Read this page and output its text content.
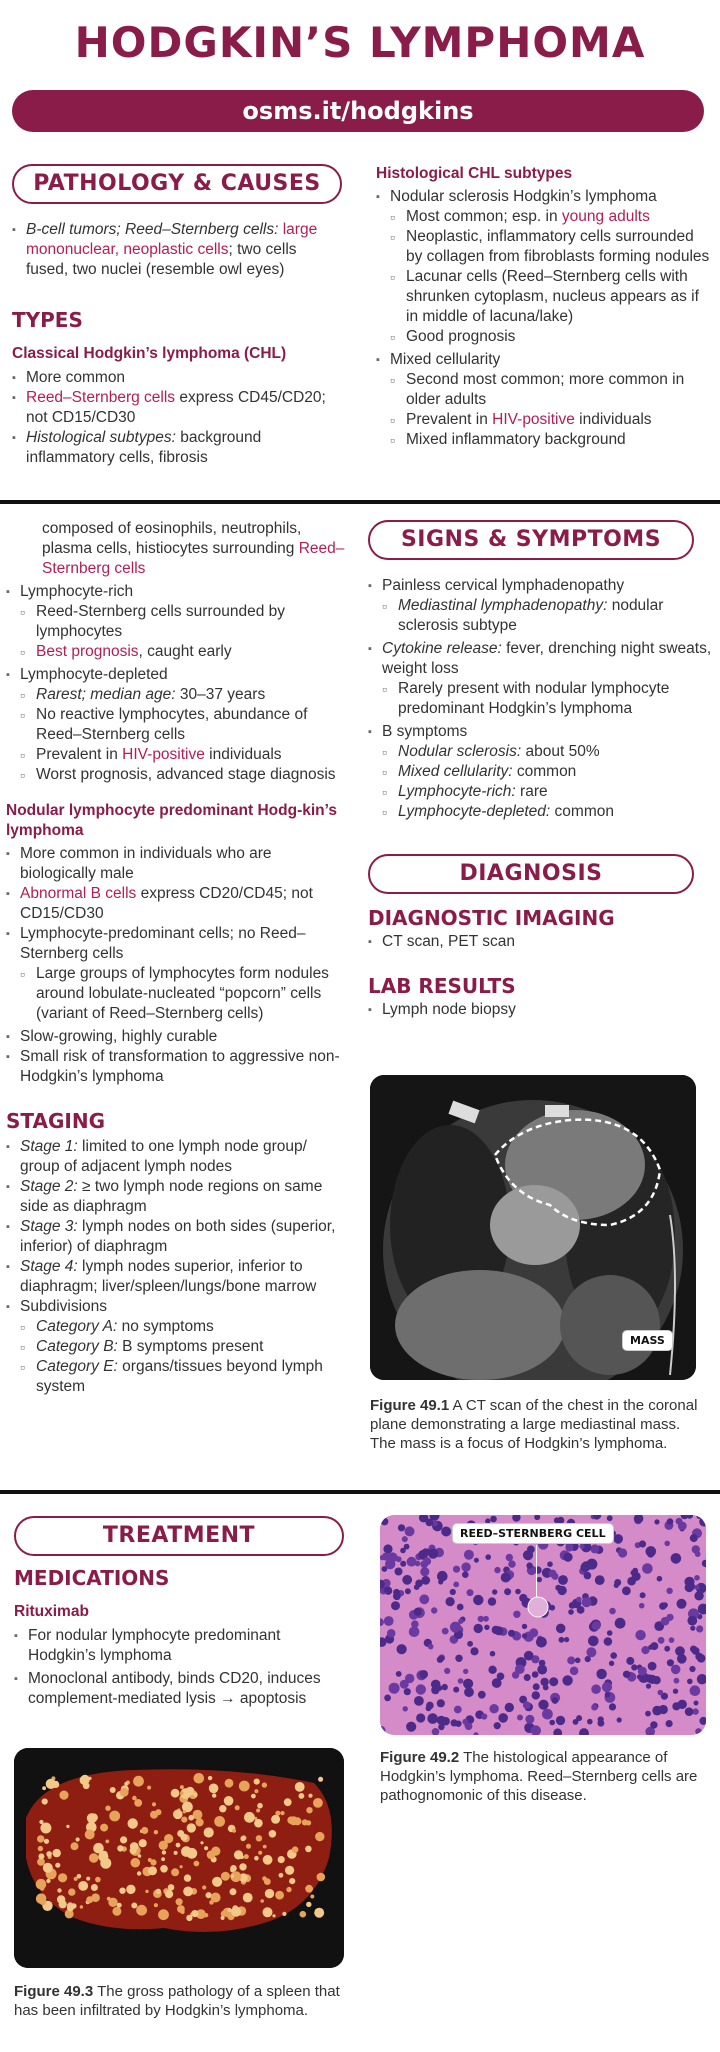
HODGKIN’S LYMPHOMA
osms.it/hodgkins
PATHOLOGY & CAUSES
▪ B-cell tumors; Reed–Sternberg cells: large mononuclear, neoplastic cells; two cells fused, two nuclei (resemble owl eyes)
TYPES
Classical Hodgkin’s lymphoma (CHL)
▪ More common
▪ Reed–Sternberg cells express CD45/CD20; not CD15/CD30
▪ Histological subtypes: background inflammatory cells, fibrosis
Histological CHL subtypes
▪ Nodular sclerosis Hodgkin’s lymphoma
▫ Most common; esp. in young adults
▫ Neoplastic, inflammatory cells surrounded by collagen from fibroblasts forming nodules
▫ Lacunar cells (Reed–Sternberg cells with shrunken cytoplasm, nucleus appears as if in middle of lacuna/lake)
▫ Good prognosis
▪ Mixed cellularity
▫ Second most common; more common in older adults
▫ Prevalent in HIV-positive individuals
▫ Mixed inflammatory background
composed of eosinophils, neutrophils, plasma cells, histiocytes surrounding Reed–Sternberg cells
▪ Lymphocyte-rich
▫ Reed-Sternberg cells surrounded by lymphocytes
▫ Best prognosis, caught early
▪ Lymphocyte-depleted
▫ Rarest; median age: 30–37 years
▫ No reactive lymphocytes, abundance of Reed–Sternberg cells
▫ Prevalent in HIV-positive individuals
▫ Worst prognosis, advanced stage diagnosis
Nodular lymphocyte predominant Hodg-kin’s lymphoma
▪ More common in individuals who are biologically male
▪ Abnormal B cells express CD20/CD45; not CD15/CD30
▪ Lymphocyte-predominant cells; no Reed–Sternberg cells
▫ Large groups of lymphocytes form nodules around lobulate-nucleated “popcorn” cells (variant of Reed–Sternberg cells)
▪ Slow-growing, highly curable
▪ Small risk of transformation to aggressive non-Hodgkin’s lymphoma
STAGING
▪ Stage 1: limited to one lymph node group/ group of adjacent lymph nodes
▪ Stage 2: ≥ two lymph node regions on same side as diaphragm
▪ Stage 3: lymph nodes on both sides (superior, inferior) of diaphragm
▪ Stage 4: lymph nodes superior, inferior to diaphragm; liver/spleen/lungs/bone marrow
▪ Subdivisions
▫ Category A: no symptoms
▫ Category B: B symptoms present
▫ Category E: organs/tissues beyond lymph system
SIGNS & SYMPTOMS
▪ Painless cervical lymphadenopathy
▫ Mediastinal lymphadenopathy: nodular sclerosis subtype
▪ Cytokine release: fever, drenching night sweats, weight loss
▫ Rarely present with nodular lymphocyte predominant Hodgkin’s lymphoma
▪ B symptoms
▫ Nodular sclerosis: about 50%
▫ Mixed cellularity: common
▫ Lymphocyte-rich: rare
▫ Lymphocyte-depleted: common
DIAGNOSIS
DIAGNOSTIC IMAGING
▪ CT scan, PET scan
LAB RESULTS
▪ Lymph node biopsy
MASS
Figure 49.1 A CT scan of the chest in the coronal plane demonstrating a large mediastinal mass. The mass is a focus of Hodgkin’s lymphoma.
TREATMENT
MEDICATIONS
Rituximab
▪ For nodular lymphocyte predominant Hodgkin’s lymphoma
▪ Monoclonal antibody, binds CD20, induces complement-mediated lysis → apoptosis
REED–STERNBERG CELL
Figure 49.2 The histological appearance of Hodgkin’s lymphoma. Reed–Sternberg cells are pathognomonic of this disease.
Figure 49.3 The gross pathology of a spleen that has been infiltrated by Hodgkin’s lymphoma.
